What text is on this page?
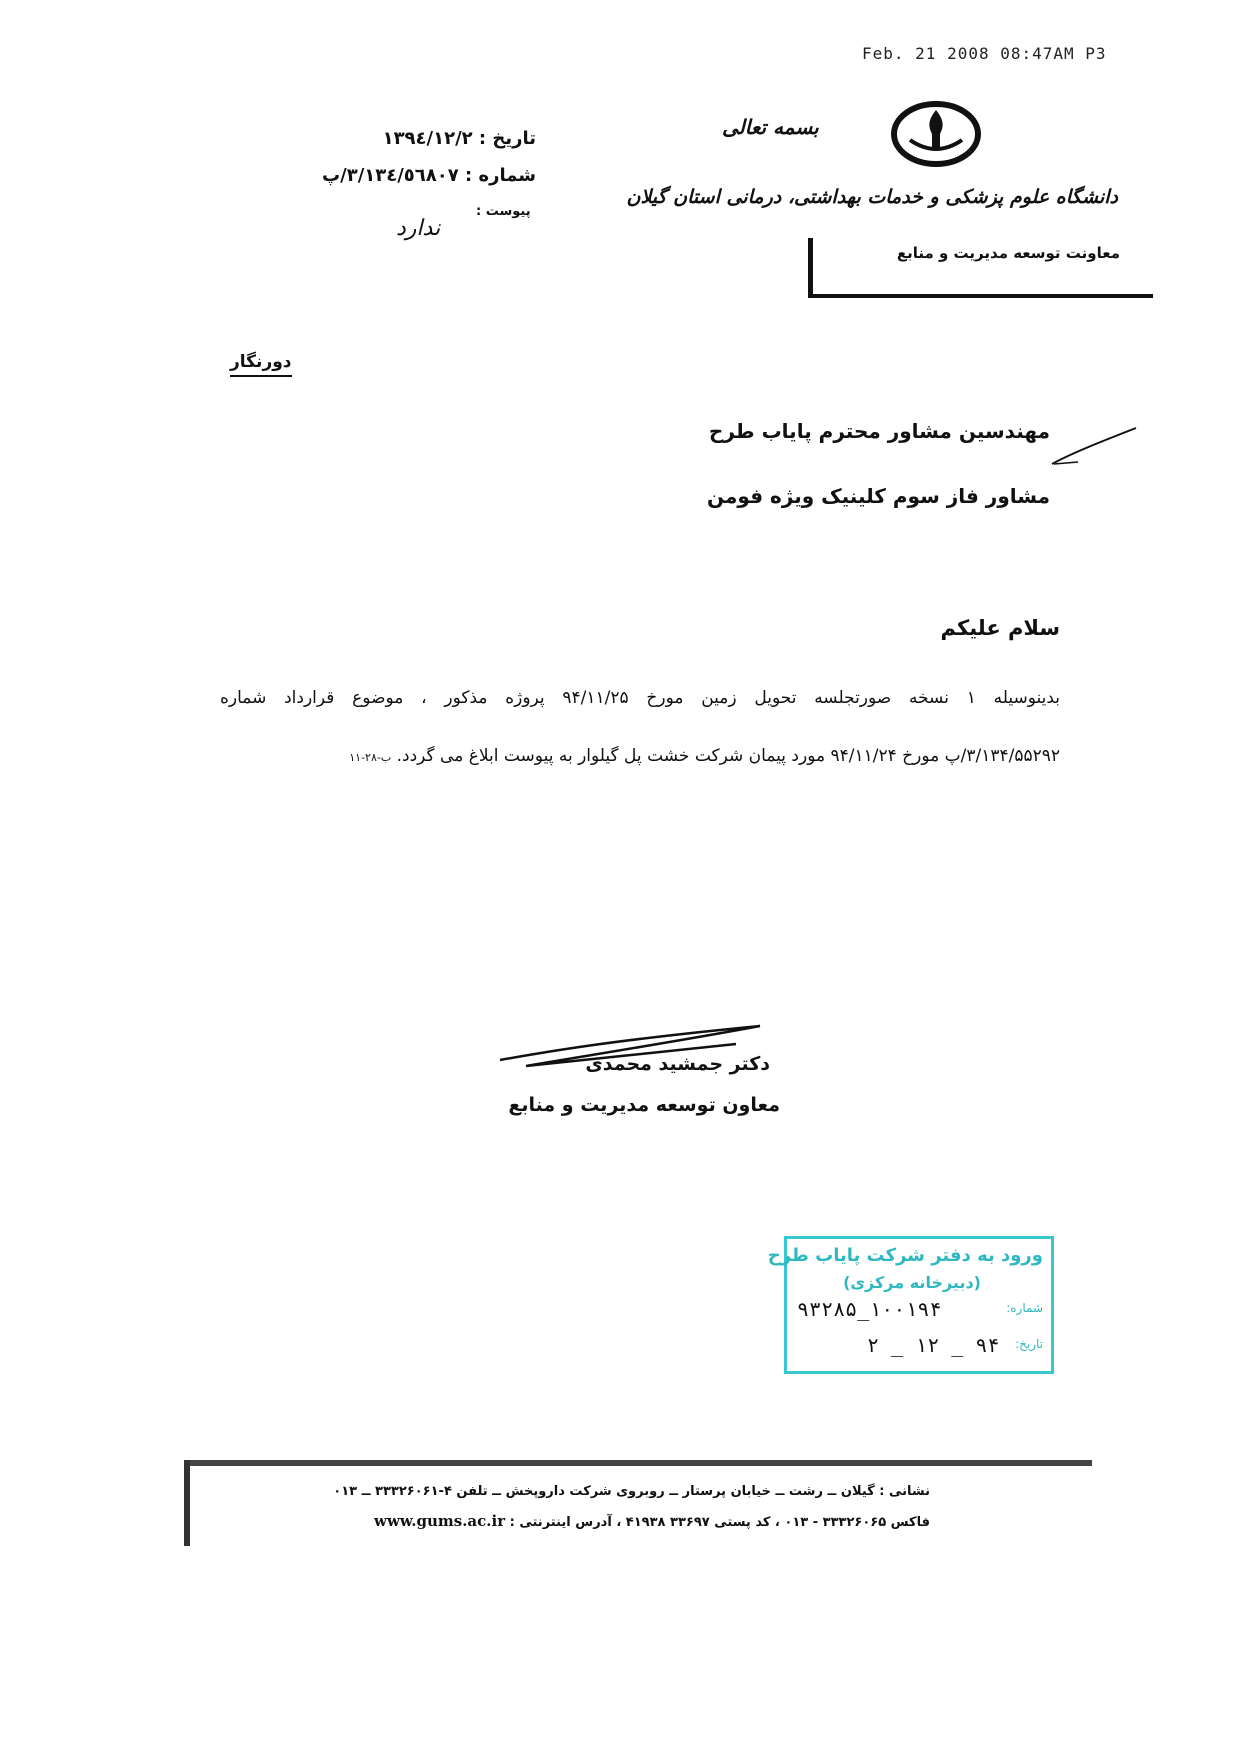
Feb. 21 2008 08:47AM P3
بسمه تعالی
دانشگاه علوم پزشکی و خدمات بهداشتی، درمانی استان گیلان
معاونت توسعه مدیریت و منابع
تاریخ : ۱۳۹٤/۱۲/۲
شماره : ۳/۱۳٤/٥٦۸۰۷/پ
پیوست :
ندارد
دورنگار
مهندسین مشاور محترم پایاب طرح
مشاور فاز سوم کلینیک ویژه فومن
سلام علیکم
بدینوسیله ۱ نسخه صورتجلسه تحویل زمین مورخ ۹۴/۱۱/۲۵ پروژه مذکور ، موضوع قرارداد شماره
۳/۱۳۴/۵۵۲۹۲/پ مورخ ۹۴/۱۱/۲۴ مورد پیمان شرکت خشت پل گیلوار به پیوست ابلاغ می گردد. ب-۲۸-۱۱
دکتر جمشید محمدی
معاون توسعه مدیریت و منابع
ورود به دفتر شرکت پایاب طرح
(دبیرخانه مرکزی)
شماره:
۱۰۰۱۹۴_۹۳۲۸۵
تاریخ:
۹۴ _ ۱۲ _ ۲
نشانی : گیلان ــ رشت ــ خیابان پرستار ــ روبروی شرکت داروپخش ــ تلفن ۴-۳۳۳۲۶۰۶۱ ــ ۰۱۳
فاکس ۳۳۳۲۶۰۶۵ - ۰۱۳ ، کد پستی ۳۳۶۹۷ ۴۱۹۳۸ ، آدرس اینترنتی : www.gums.ac.ir
